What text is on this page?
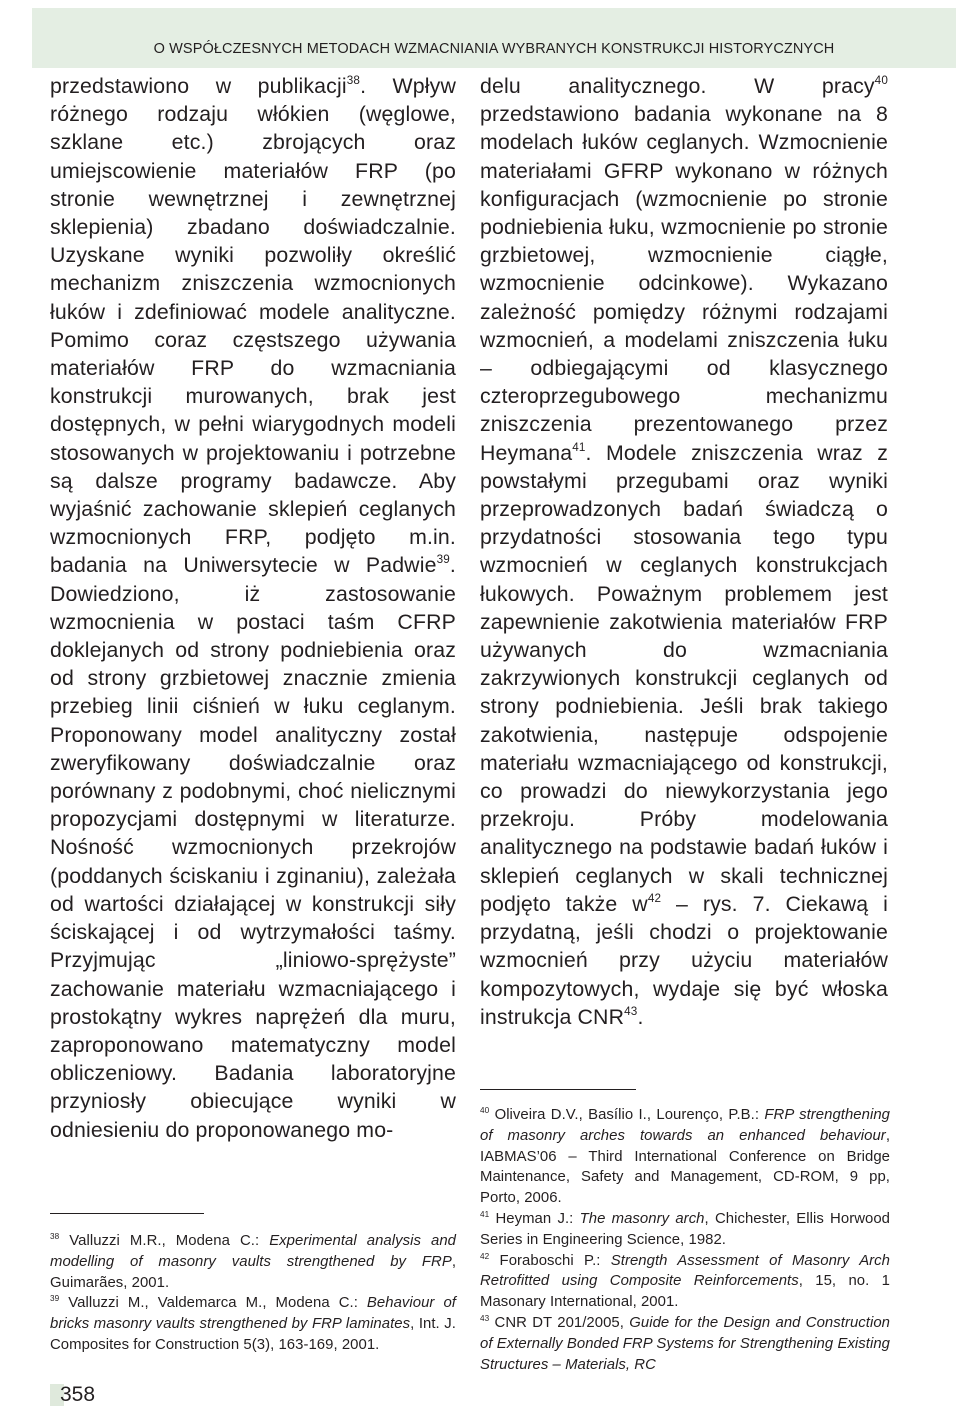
O WSPÓŁCZESNYCH METODACH WZMACNIANIA WYBRANYCH KONSTRUKCJI HISTORYCZNYCH

przedstawiono w publikacji$^{38}$. Wpływ różnego rodzaju włókien (węglowe, szklane etc.) zbrojących oraz umiejscowienie materiałów FRP (po stronie wewnętrznej i zewnętrznej sklepienia) zbadano doświadczalnie. Uzyskane wyniki pozwoliły określić mechanizm zniszczenia wzmocnionych łuków i zdefiniować modele analityczne. Pomimo coraz częstszego używania materiałów FRP do wzmacniania konstrukcji murowanych, brak jest dostępnych, w pełni wiarygodnych modeli stosowanych w projektowaniu i potrzebne są dalsze programy badawcze. Aby wyjaśnić zachowanie sklepień ceglanych wzmocnionych FRP, podjęto m.in. badania na Uniwersytecie w Padwie$^{39}$. Dowiedziono, iż zastosowanie wzmocnienia w postaci taśm CFRP doklejanych od strony podniebienia oraz od strony grzbietowej znacznie zmienia przebieg linii ciśnień w łuku ceglanym. Proponowany model analityczny został zweryfikowany doświadczalnie oraz porównany z podobnymi, choć nielicznymi propozycjami dostępnymi w literaturze. Nośność wzmocnionych przekrojów (poddanych ściskaniu i zginaniu), zależała od wartości działającej w konstrukcji siły ściskającej i od wytrzymałości taśmy. Przyjmując „liniowo-sprężyste” zachowanie materiału wzmacniającego i prostokątny wykres naprężeń dla muru, zaproponowano matematyczny model obliczeniowy. Badania laboratoryjne przyniosły obiecujące wyniki w odniesieniu do proponowanego mo-

delu analitycznego. W pracy$^{40}$ przedstawiono badania wykonane na 8 modelach łuków ceglanych. Wzmocnienie materiałami GFRP wykonano w różnych konfiguracjach (wzmocnienie po stronie podniebienia łuku, wzmocnienie po stronie grzbietowej, wzmocnienie ciągłe, wzmocnienie odcinkowe). Wykazano zależność pomiędzy różnymi rodzajami wzmocnień, a modelami zniszczenia łuku – odbiegającymi od klasycznego czteroprzegubowego mechanizmu zniszczenia prezentowanego przez Heymana$^{41}$. Modele zniszczenia wraz z powstałymi przegubami oraz wyniki przeprowadzonych badań świadczą o przydatności stosowania tego typu wzmocnień w ceglanych konstrukcjach łukowych. Poważnym problemem jest zapewnienie zakotwienia materiałów FRP używanych do wzmacniania zakrzywionych konstrukcji ceglanych od strony podniebienia. Jeśli brak takiego zakotwienia, następuje odspojenie materiału wzmacniającego od konstrukcji, co prowadzi do niewykorzystania jego przekroju. Próby modelowania analitycznego na podstawie badań łuków i sklepień ceglanych w skali technicznej podjęto także $w^{42}$ – rys. 7. Ciekawą i przydatną, jeśli chodzi o projektowanie wzmocnień przy użyciu materiałów kompozytowych, wydaje się być włoska instrukcja CNR$^{43}$.

$^{38}$ Valluzzi M.R., Modena C.: Experimental analysis and modelling of masonry vaults strengthened by FRP, Guimarães, 2001.

$^{39}$ Valluzzi M., Valdemarca M., Modena C.: Behaviour of bricks masonry vaults strengthened by FRP laminates, Int. J. Composites for Construction 5(3), 163-169, 2001.

$^{40}$ Oliveira D.V., Basílio I., Lourenço, P.B.: FRP strengthening of masonry arches towards an enhanced behaviour, IABMAS’06 – Third International Conference on Bridge Maintenance, Safety and Management, CD-ROM, 9 pp, Porto, 2006.

$^{41}$ Heyman J.: The masonry arch, Chichester, Ellis Horwood Series in Engineering Science, 1982.

$^{42}$ Foraboschi P.: Strength Assessment of Masonry Arch Retrofitted using Composite Reinforcements, 15, no. 1 Masonary International, 2001.

$^{43}$ CNR DT 201/2005, Guide for the Design and Construction of Externally Bonded FRP Systems for Strengthening Existing Structures – Materials, RC

358
